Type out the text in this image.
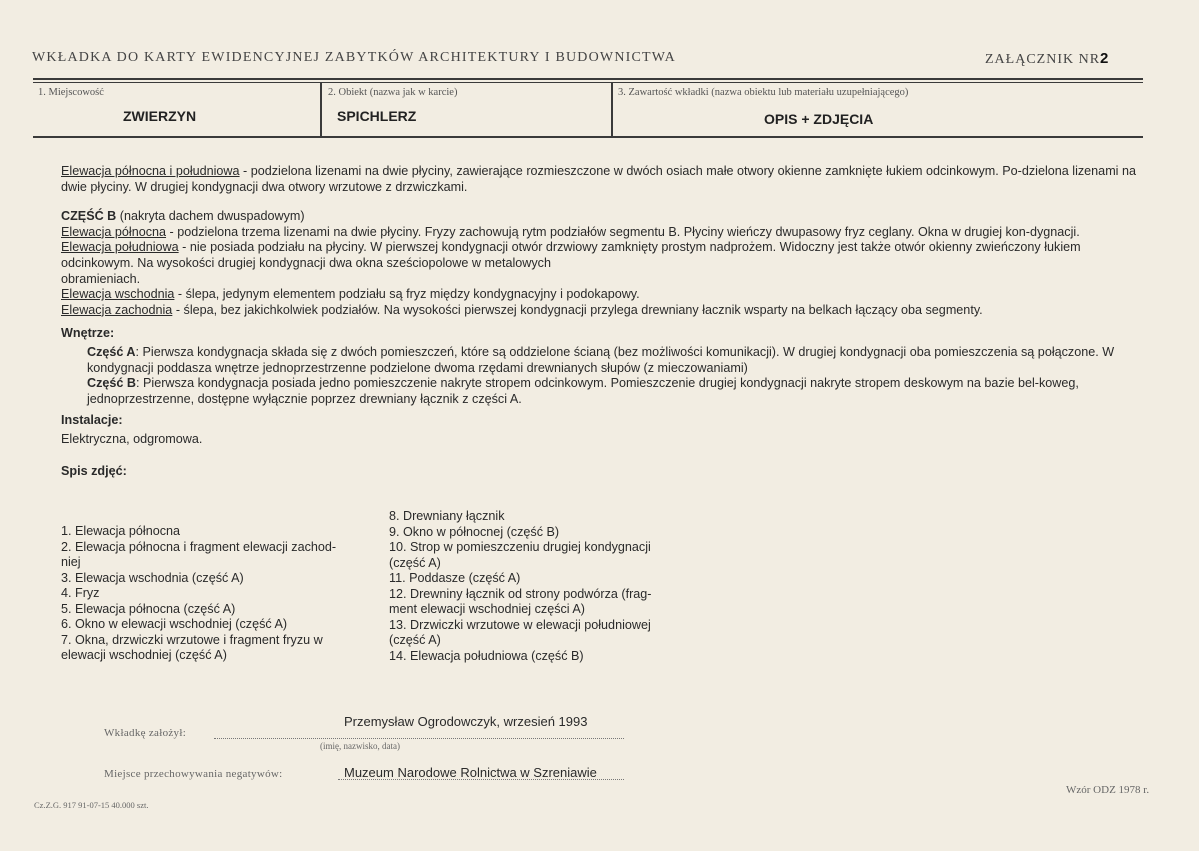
WKŁADKA DO KARTY EWIDENCYJNEJ ZABYTKÓW ARCHITEKTURY I BUDOWNICTWA	ZAŁĄCZNIK NR2
1. Miejscowość
ZWIERZYN
2. Obiekt (nazwa jak w karcie)
SPICHLERZ
3. Zawartość wkładki (nazwa obiektu lub materiału uzupełniającego)
OPIS + ZDJĘCIA

Elewacja północna i południowa - podzielona lizenami na dwie płyciny, zawierające rozmieszczone w dwóch osiach małe otwory okienne zamknięte łukiem odcinkowym. Po-dzielona lizenami na dwie płyciny. W drugiej kondygnacji dwa otwory wrzutowe z drzwiczkami.

CZĘŚĆ B (nakryta dachem dwuspadowym)

Elewacja północna - podzielona trzema lizenami na dwie płyciny. Fryzy zachowują rytm podziałów segmentu B. Płyciny wieńczy dwupasowy fryz ceglany. Okna w drugiej kon-dygnacji.

Elewacja południowa - nie posiada podziału na płyciny. W pierwszej kondygnacji otwór drzwiowy zamknięty prostym nadprożem. Widoczny jest także otwór okienny zwieńczony łukiem odcinkowym. Na wysokości drugiej kondygnacji dwa okna sześciopolowe w metalowych

obramieniach.

Elewacja wschodnia - ślepa, jedynym elementem podziału są fryz między kondygnacyjny i podokapowy.

Elewacja zachodnia - ślepa, bez jakichkolwiek podziałów. Na wysokości pierwszej kondygnacji przylega drewniany łacznik wsparty na belkach łączący oba segmenty.

Wnętrze:

Część A: Pierwsza kondygnacja składa się z dwóch pomieszczeń, które są oddzielone ścianą (bez możliwości komunikacji). W drugiej kondygnacji oba pomieszczenia są połączone. W kondygnacji poddasza wnętrze jednoprzestrzenne podzielone dwoma rzędami drewnianych słupów (z mieczowaniami)

Część B: Pierwsza kondygnacja posiada jedno pomieszczenie nakryte stropem odcinkowym. Pomieszczenie drugiej kondygnacji nakryte stropem deskowym na bazie bel-koweg, jednoprzestrzenne, dostępne wyłącznie poprzez drewniany łącznik z części A.

Instalacje:

Elektryczna, odgromowa.

Spis zdjęć:

1. Elewacja północna
2. Elewacja północna i fragment elewacji zachod-
niej
3. Elewacja wschodnia (część A)
4. Fryz
5. Elewacja północna (część A)
6. Okno w elewacji wschodniej (część A)
7. Okna, drzwiczki wrzutowe i fragment fryzu w
elewacji wschodniej (część A)
8. Drewniany łącznik
9. Okno w północnej (część B)
10. Strop w pomieszczeniu drugiej kondygnacji
(część A)
11. Poddasze (część A)
12. Drewniny łącznik od strony podwórza (frag-
ment elewacji wschodniej części A)
13. Drzwiczki wrzutowe w elewacji południowej
(część A)
14. Elewacja południowa (część B)
Wkładkę założył:
Przemysław Ogrodowczyk, wrzesień 1993
(imię, nazwisko, data)
Miejsce przechowywania negatywów:	Muzeum Narodowe Rolnictwa w Szreniawie
Cz.Z.G. 917 91-07-15 40.000 szt.
Wzór ODZ 1978 r.
